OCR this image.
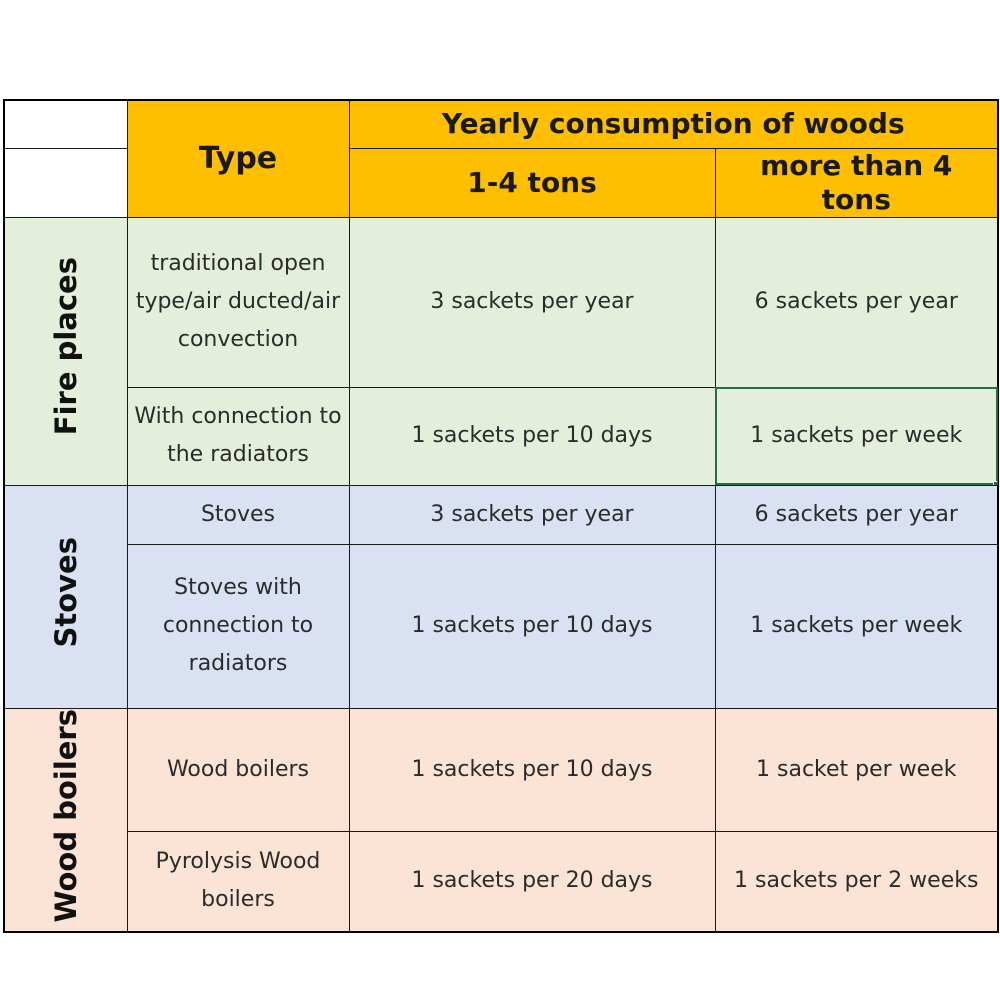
	Type	Yearly consumption of woods	
		1-4 tons	more than 4 tons
Fire places	traditional open type/air ducted/air convection	3 sackets per year	6 sackets per year
	With connection to the radiators	1 sackets per 10 days	1 sackets per week

Stoves	Stoves	3 sackets per year	6 sackets per year
	Stoves with connection to radiators	1 sackets per 10 days	1 sackets per week
Wood boilers	Wood boilers	1 sackets per 10 days	1 sacket per week
	Pyrolysis Wood boilers	1 sackets per 20 days	1 sackets per 2 weeks
